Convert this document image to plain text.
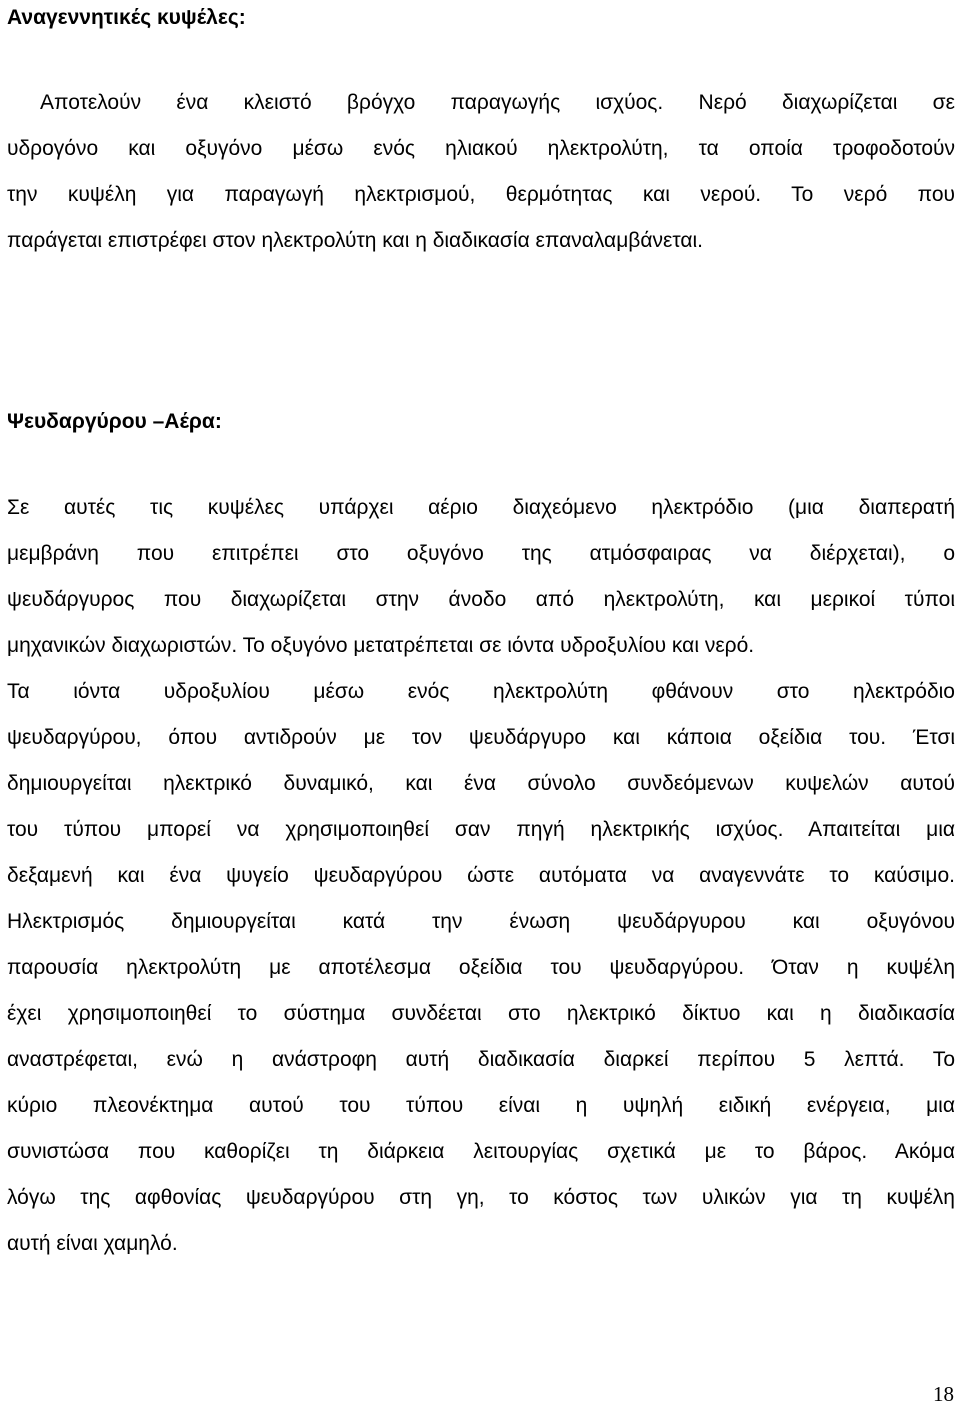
Αναγεννητικές κυψέλες:
Αποτελούν ένα κλειστό βρόγχο παραγωγής ισχύος. Νερό διαχωρίζεται σε
υδρογόνο και οξυγόνο μέσω ενός ηλιακού ηλεκτρολύτη, τα οποία τροφοδοτούν
την κυψέλη για παραγωγή ηλεκτρισμού, θερμότητας και νερού. Το νερό που
παράγεται επιστρέφει στον ηλεκτρολύτη και η διαδικασία επαναλαμβάνεται.
Ψευδαργύρου –Αέρα:
Σε αυτές τις κυψέλες υπάρχει αέριο διαχεόμενο ηλεκτρόδιο (μια διαπερατή
μεμβράνη που επιτρέπει στο οξυγόνο της ατμόσφαιρας να διέρχεται), ο
ψευδάργυρος που διαχωρίζεται στην άνοδο από ηλεκτρολύτη, και μερικοί τύποι
μηχανικών διαχωριστών. Το οξυγόνο μετατρέπεται σε ιόντα υδροξυλίου και νερό.
Τα ιόντα υδροξυλίου μέσω ενός ηλεκτρολύτη φθάνουν στο ηλεκτρόδιο
ψευδαργύρου, όπου αντιδρούν με τον ψευδάργυρο και κάποια οξείδια του. Έτσι
δημιουργείται ηλεκτρικό δυναμικό, και ένα σύνολο συνδεόμενων κυψελών αυτού
του τύπου μπορεί να χρησιμοποιηθεί σαν πηγή ηλεκτρικής ισχύος. Απαιτείται μια
δεξαμενή και ένα ψυγείο ψευδαργύρου ώστε αυτόματα να αναγεννάτε το καύσιμο.
Ηλεκτρισμός δημιουργείται κατά την ένωση ψευδάργυρου και οξυγόνου
παρουσία ηλεκτρολύτη με αποτέλεσμα οξείδια του ψευδαργύρου. Όταν η κυψέλη
έχει χρησιμοποιηθεί το σύστημα συνδέεται στο ηλεκτρικό δίκτυο και η διαδικασία
αναστρέφεται, ενώ η ανάστροφη αυτή διαδικασία διαρκεί περίπου 5 λεπτά. Το
κύριο πλεονέκτημα αυτού του τύπου είναι η υψηλή ειδική ενέργεια, μια
συνιστώσα που καθορίζει τη διάρκεια λειτουργίας σχετικά με το βάρος. Ακόμα
λόγω της αφθονίας ψευδαργύρου στη γη, το κόστος των υλικών για τη κυψέλη
αυτή είναι χαμηλό.
18
